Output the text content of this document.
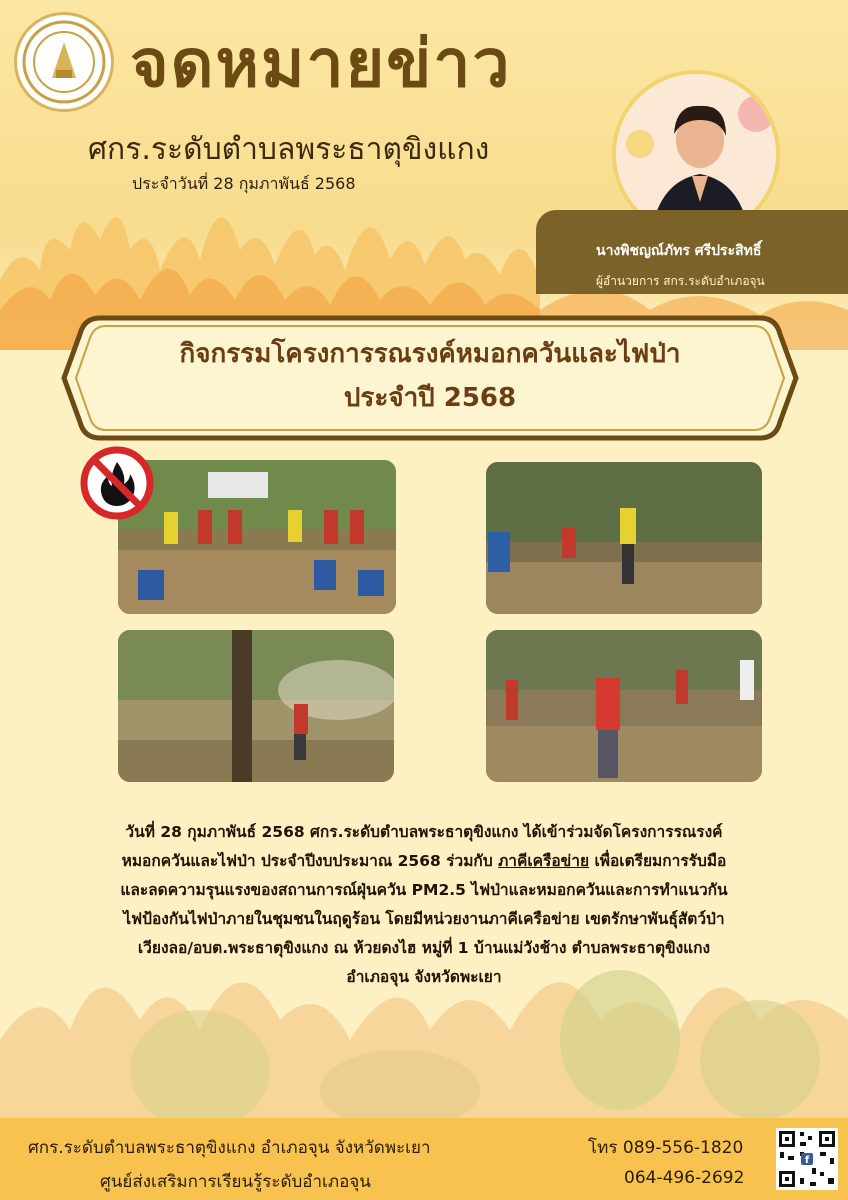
จดหมายข่าว
ศกร.ระดับตำบลพระธาตุขิงแกง
ประจำวันที่ 28 กุมภาพันธ์ 2568
นางพิชญณ์ภัทร ศรีประสิทธิ์
ผู้อำนวยการ สกร.ระดับอำเภอจุน
กิจกรรมโครงการรณรงค์หมอกควันและไฟป่า
ประจำปี 2568
วันที่ 28 กุมภาพันธ์ 2568 ศกร.ระดับตำบลพระธาตุขิงแกง ได้เข้าร่วมจัดโครงการรณรงค์
หมอกควันและไฟป่า ประจำปีงบประมาณ 2568 ร่วมกับ ภาคีเครือข่าย เพื่อเตรียมการรับมือ
และลดความรุนแรงของสถานการณ์ฝุ่นควัน PM2.5 ไฟป่าและหมอกควันและการทำแนวกัน
ไฟป้องกันไฟป่าภายในชุมชนในฤดูร้อน โดยมีหน่วยงานภาคีเครือข่าย เขตรักษาพันธุ์สัตว์ป่า
เวียงลอ/อบต.พระธาตุขิงแกง ณ ห้วยดงไฮ หมู่ที่ 1 บ้านแม่วังช้าง ตำบลพระธาตุขิงแกง
อำเภอจุน จังหวัดพะเยา
ศกร.ระดับตำบลพระธาตุขิงแกง อำเภอจุน จังหวัดพะเยา
ศูนย์ส่งเสริมการเรียนรู้ระดับอำเภอจุน
โทร 089-556-1820
064-496-2692
f
